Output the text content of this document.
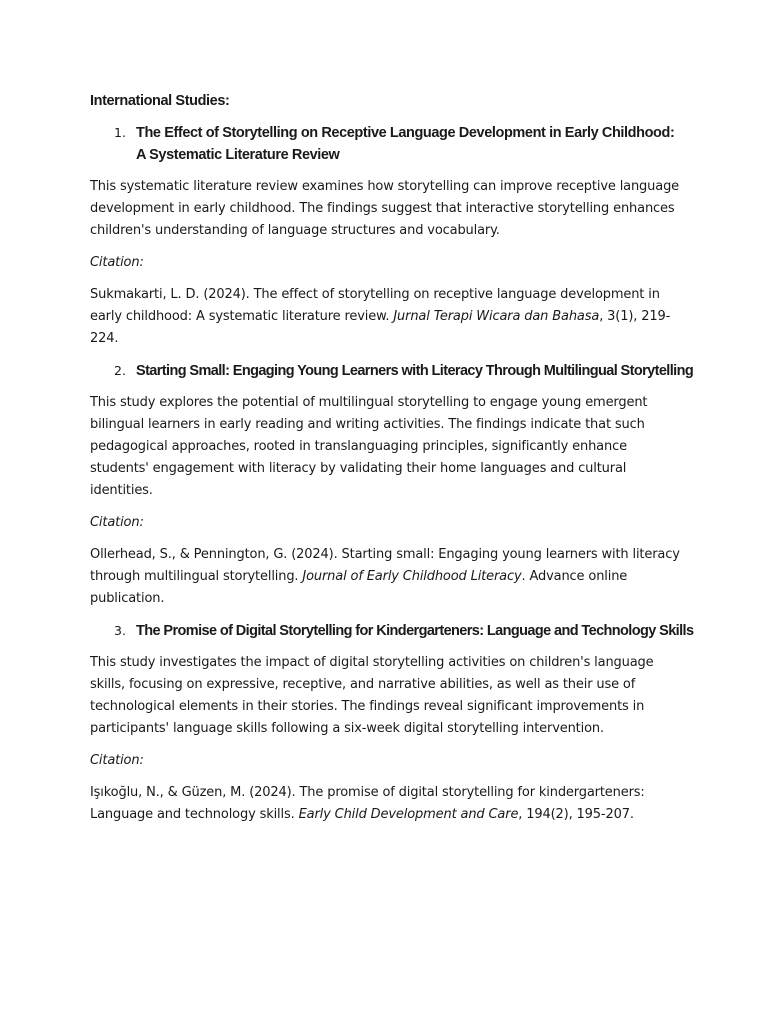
International Studies:
1. The Effect of Storytelling on Receptive Language Development in Early Childhood: A Systematic Literature Review

This systematic literature review examines how storytelling can improve receptive language development in early childhood. The findings suggest that interactive storytelling enhances children's understanding of language structures and vocabulary.

Citation:

Sukmakarti, L. D. (2024). The effect of storytelling on receptive language development in early childhood: A systematic literature review. Jurnal Terapi Wicara dan Bahasa, 3(1), 219-224.

2. Starting Small: Engaging Young Learners with Literacy Through Multilingual Storytelling

This study explores the potential of multilingual storytelling to engage young emergent bilingual learners in early reading and writing activities. The findings indicate that such pedagogical approaches, rooted in translanguaging principles, significantly enhance students' engagement with literacy by validating their home languages and cultural identities.

Citation:

Ollerhead, S., & Pennington, G. (2024). Starting small: Engaging young learners with literacy through multilingual storytelling. Journal of Early Childhood Literacy. Advance online publication.

3. The Promise of Digital Storytelling for Kindergarteners: Language and Technology Skills

This study investigates the impact of digital storytelling activities on children's language skills, focusing on expressive, receptive, and narrative abilities, as well as their use of technological elements in their stories. The findings reveal significant improvements in participants' language skills following a six-week digital storytelling intervention.

Citation:

Işıkoğlu, N., & Güzen, M. (2024). The promise of digital storytelling for kindergarteners: Language and technology skills. Early Child Development and Care, 194(2), 195-207.
